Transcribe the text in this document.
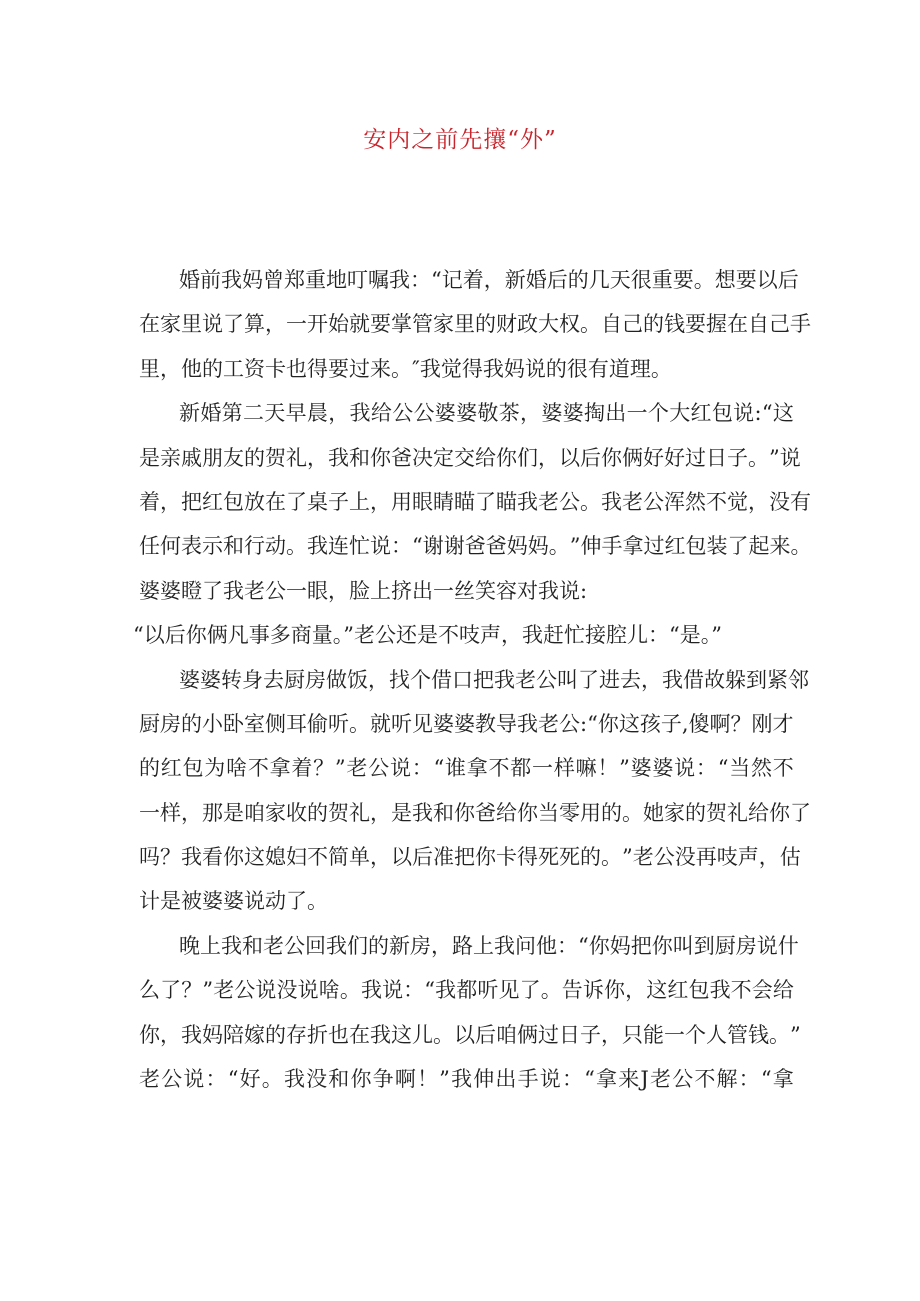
安内之前先攘“外”
婚 前 我 妈 曾 郑 重 地 叮 嘱 我 ： “ 记 着 ， 新 婚 后 的 几 天 很 重 要 。 想 要 以 后
在 家 里 说 了 算 ， 一 开 始 就 要 掌 管 家 里 的 财 政 大 权 。 自 己 的 钱 要 握 在 自 己 手
里，他的工资卡也得要过来。″我觉得我妈说的很有道理。
新 婚 第 二 天 早 晨 ， 我 给 公 公 婆 婆 敬 茶 ， 婆 婆 掏 出 一 个 大 红 包 说 : “ 这
是 亲 戚 朋 友 的 贺 礼 ， 我 和 你 爸 决 定 交 给 你 们 ， 以 后 你 俩 好 好 过 日 子 。 ” 说
着 ， 把 红 包 放 在 了 桌 子 上 ， 用 眼 睛 瞄 了 瞄 我 老 公 。 我 老 公 浑 然 不 觉 ， 没 有
任 何 表 示 和 行 动 。 我 连 忙 说 ： “ 谢 谢 爸 爸 妈 妈 。 ” 伸 手 拿 过 红 包 装 了 起 来 。
婆婆瞪了我老公一眼，脸上挤出一丝笑容对我说:
“以后你俩凡事多商量。”老公还是不吱声，我赶忙接腔儿：“是。”
婆 婆 转 身 去 厨 房 做 饭 ， 找 个 借 口 把 我 老 公 叫 了 进 去 ， 我 借 故 躲 到 紧 邻
厨 房 的 小 卧 室 侧 耳 偷 听 。 就 听 见 婆 婆 教 导 我 老 公 : “ 你 这 孩 子 , 傻 啊 ？ 刚 才
的 红 包 为 啥 不 拿 着 ？ ” 老 公 说 ： “ 谁 拿 不 都 一 样 嘛 ！ ” 婆 婆 说 ： “ 当 然 不
一 样 ， 那 是 咱 家 收 的 贺 礼 ， 是 我 和 你 爸 给 你 当 零 用 的 。 她 家 的 贺 礼 给 你 了
吗 ？ 我 看 你 这 媳 妇 不 简 单 ， 以 后 准 把 你 卡 得 死 死 的 。 ” 老 公 没 再 吱 声 ， 估
计是被婆婆说动了。
晚 上 我 和 老 公 回 我 们 的 新 房 ， 路 上 我 问 他 ： “ 你 妈 把 你 叫 到 厨 房 说 什
么 了 ？ ” 老 公 说 没 说 啥 。 我 说 ： “ 我 都 听 见 了 。 告 诉 你 ， 这 红 包 我 不 会 给
你 ， 我 妈 陪 嫁 的 存 折 也 在 我 这 儿 。 以 后 咱 俩 过 日 子 ， 只 能 一 个 人 管 钱 。 ”
老 公 说 ： “ 好 。 我 没 和 你 争 啊 ！ ” 我 伸 出 手 说 ： “ 拿 来 J 老 公 不 解 ： “ 拿
